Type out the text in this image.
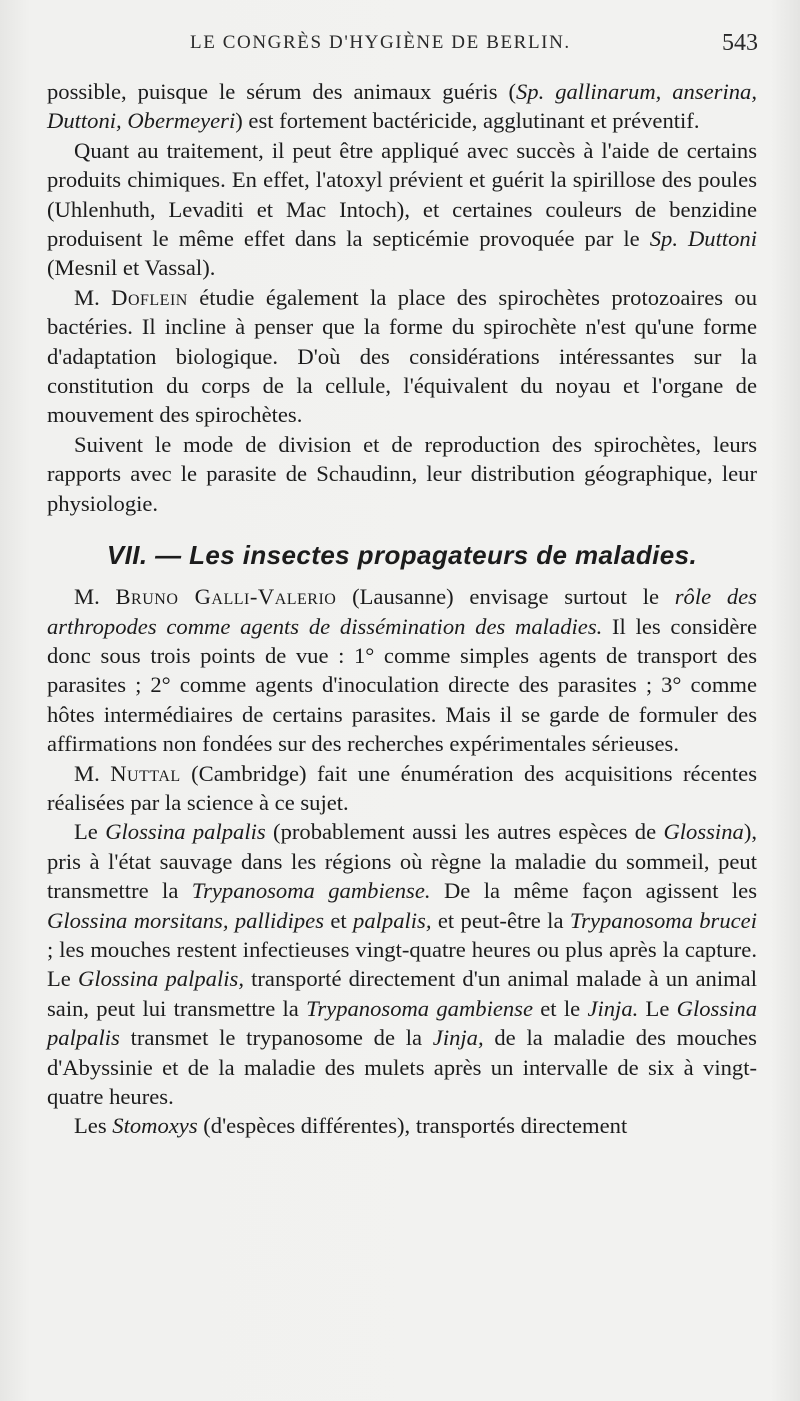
LE CONGRÈS D'HYGIÈNE DE BERLIN.	543

possible, puisque le sérum des animaux guéris (Sp. gallinarum, anserina, Duttoni, Obermeyeri) est fortement bactéricide, agglutinant et préventif.

Quant au traitement, il peut être appliqué avec succès à l'aide de certains produits chimiques. En effet, l'atoxyl prévient et guérit la spirillose des poules (Uhlenhuth, Levaditi et Mac Intoch), et certaines couleurs de benzidine produisent le même effet dans la septicémie provoquée par le Sp. Duttoni (Mesnil et Vassal).

M. Doflein étudie également la place des spirochètes protozoaires ou bactéries. Il incline à penser que la forme du spirochète n'est qu'une forme d'adaptation biologique. D'où des considérations intéressantes sur la constitution du corps de la cellule, l'équivalent du noyau et l'organe de mouvement des spirochètes.

Suivent le mode de division et de reproduction des spirochètes, leurs rapports avec le parasite de Schaudinn, leur distribution géographique, leur physiologie.

VII. — Les insectes propagateurs de maladies.

M. Bruno Galli-Valerio (Lausanne) envisage surtout le rôle des arthropodes comme agents de dissémination des maladies. Il les considère donc sous trois points de vue : 1° comme simples agents de transport des parasites ; 2° comme agents d'inoculation directe des parasites ; 3° comme hôtes intermédiaires de certains parasites. Mais il se garde de formuler des affirmations non fondées sur des recherches expérimentales sérieuses.

M. Nuttal (Cambridge) fait une énumération des acquisitions récentes réalisées par la science à ce sujet.

Le Glossina palpalis (probablement aussi les autres espèces de Glossina), pris à l'état sauvage dans les régions où règne la maladie du sommeil, peut transmettre la Trypanosoma gambiense. De la même façon agissent les Glossina morsitans, pallidipes et palpalis, et peut-être la Trypanosoma brucei ; les mouches restent infectieuses vingt-quatre heures ou plus après la capture. Le Glossina palpalis, transporté directement d'un animal malade à un animal sain, peut lui transmettre la Trypanosoma gambiense et le Jinja. Le Glossina palpalis transmet le trypanosome de la Jinja, de la maladie des mouches d'Abyssinie et de la maladie des mulets après un intervalle de six à vingt-quatre heures.

Les Stomoxys (d'espèces différentes), transportés directement
